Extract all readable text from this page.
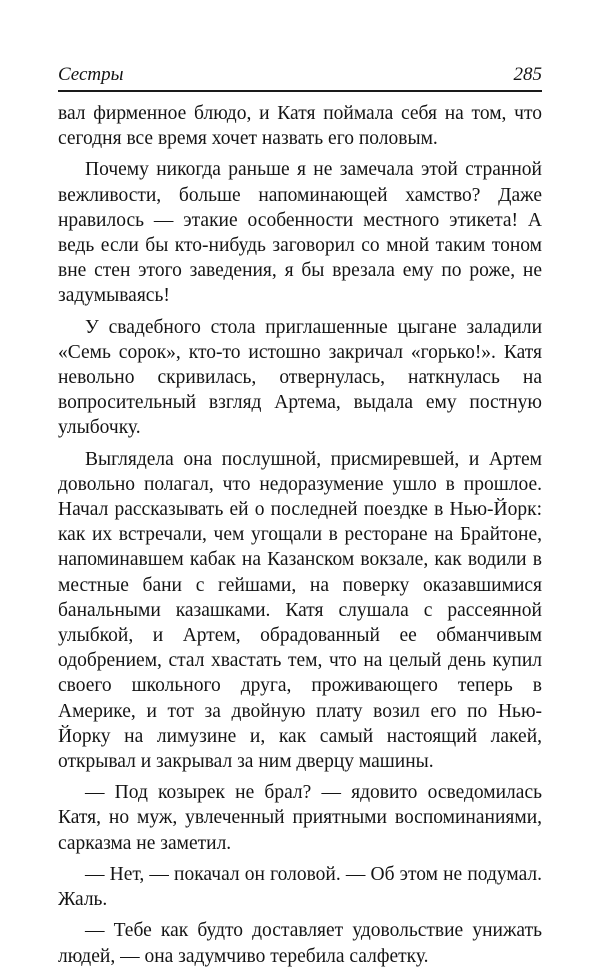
Сестры	285

вал фирменное блюдо, и Катя поймала себя на том, что сегодня все время хочет назвать его половым.

Почему никогда раньше я не замечала этой странной вежливости, больше напоминающей хамство? Даже нравилось — этакие особенности местного этикета! А ведь если бы кто-нибудь заговорил со мной таким тоном вне стен этого заведения, я бы врезала ему по роже, не задумываясь!

У свадебного стола приглашенные цыгане заладили «Семь сорок», кто-то истошно закричал «горько!». Катя невольно скривилась, отвернулась, наткнулась на вопросительный взгляд Артема, выдала ему постную улыбочку.

Выглядела она послушной, присмиревшей, и Артем довольно полагал, что недоразумение ушло в прошлое. Начал рассказывать ей о последней поездке в Нью-Йорк: как их встречали, чем угощали в ресторане на Брайтоне, напоминавшем кабак на Казанском вокзале, как водили в местные бани с гейшами, на поверку оказавшимися банальными казашками. Катя слушала с рассеянной улыбкой, и Артем, обрадованный ее обманчивым одобрением, стал хвастать тем, что на целый день купил своего школьного друга, проживающего теперь в Америке, и тот за двойную плату возил его по Нью-Йорку на лимузине и, как самый настоящий лакей, открывал и закрывал за ним дверцу машины.

— Под козырек не брал? — ядовито осведомилась Катя, но муж, увлеченный приятными воспоминаниями, сарказма не заметил.

— Нет, — покачал он головой. — Об этом не подумал. Жаль.

— Тебе как будто доставляет удовольствие унижать людей, — она задумчиво теребила салфетку.
